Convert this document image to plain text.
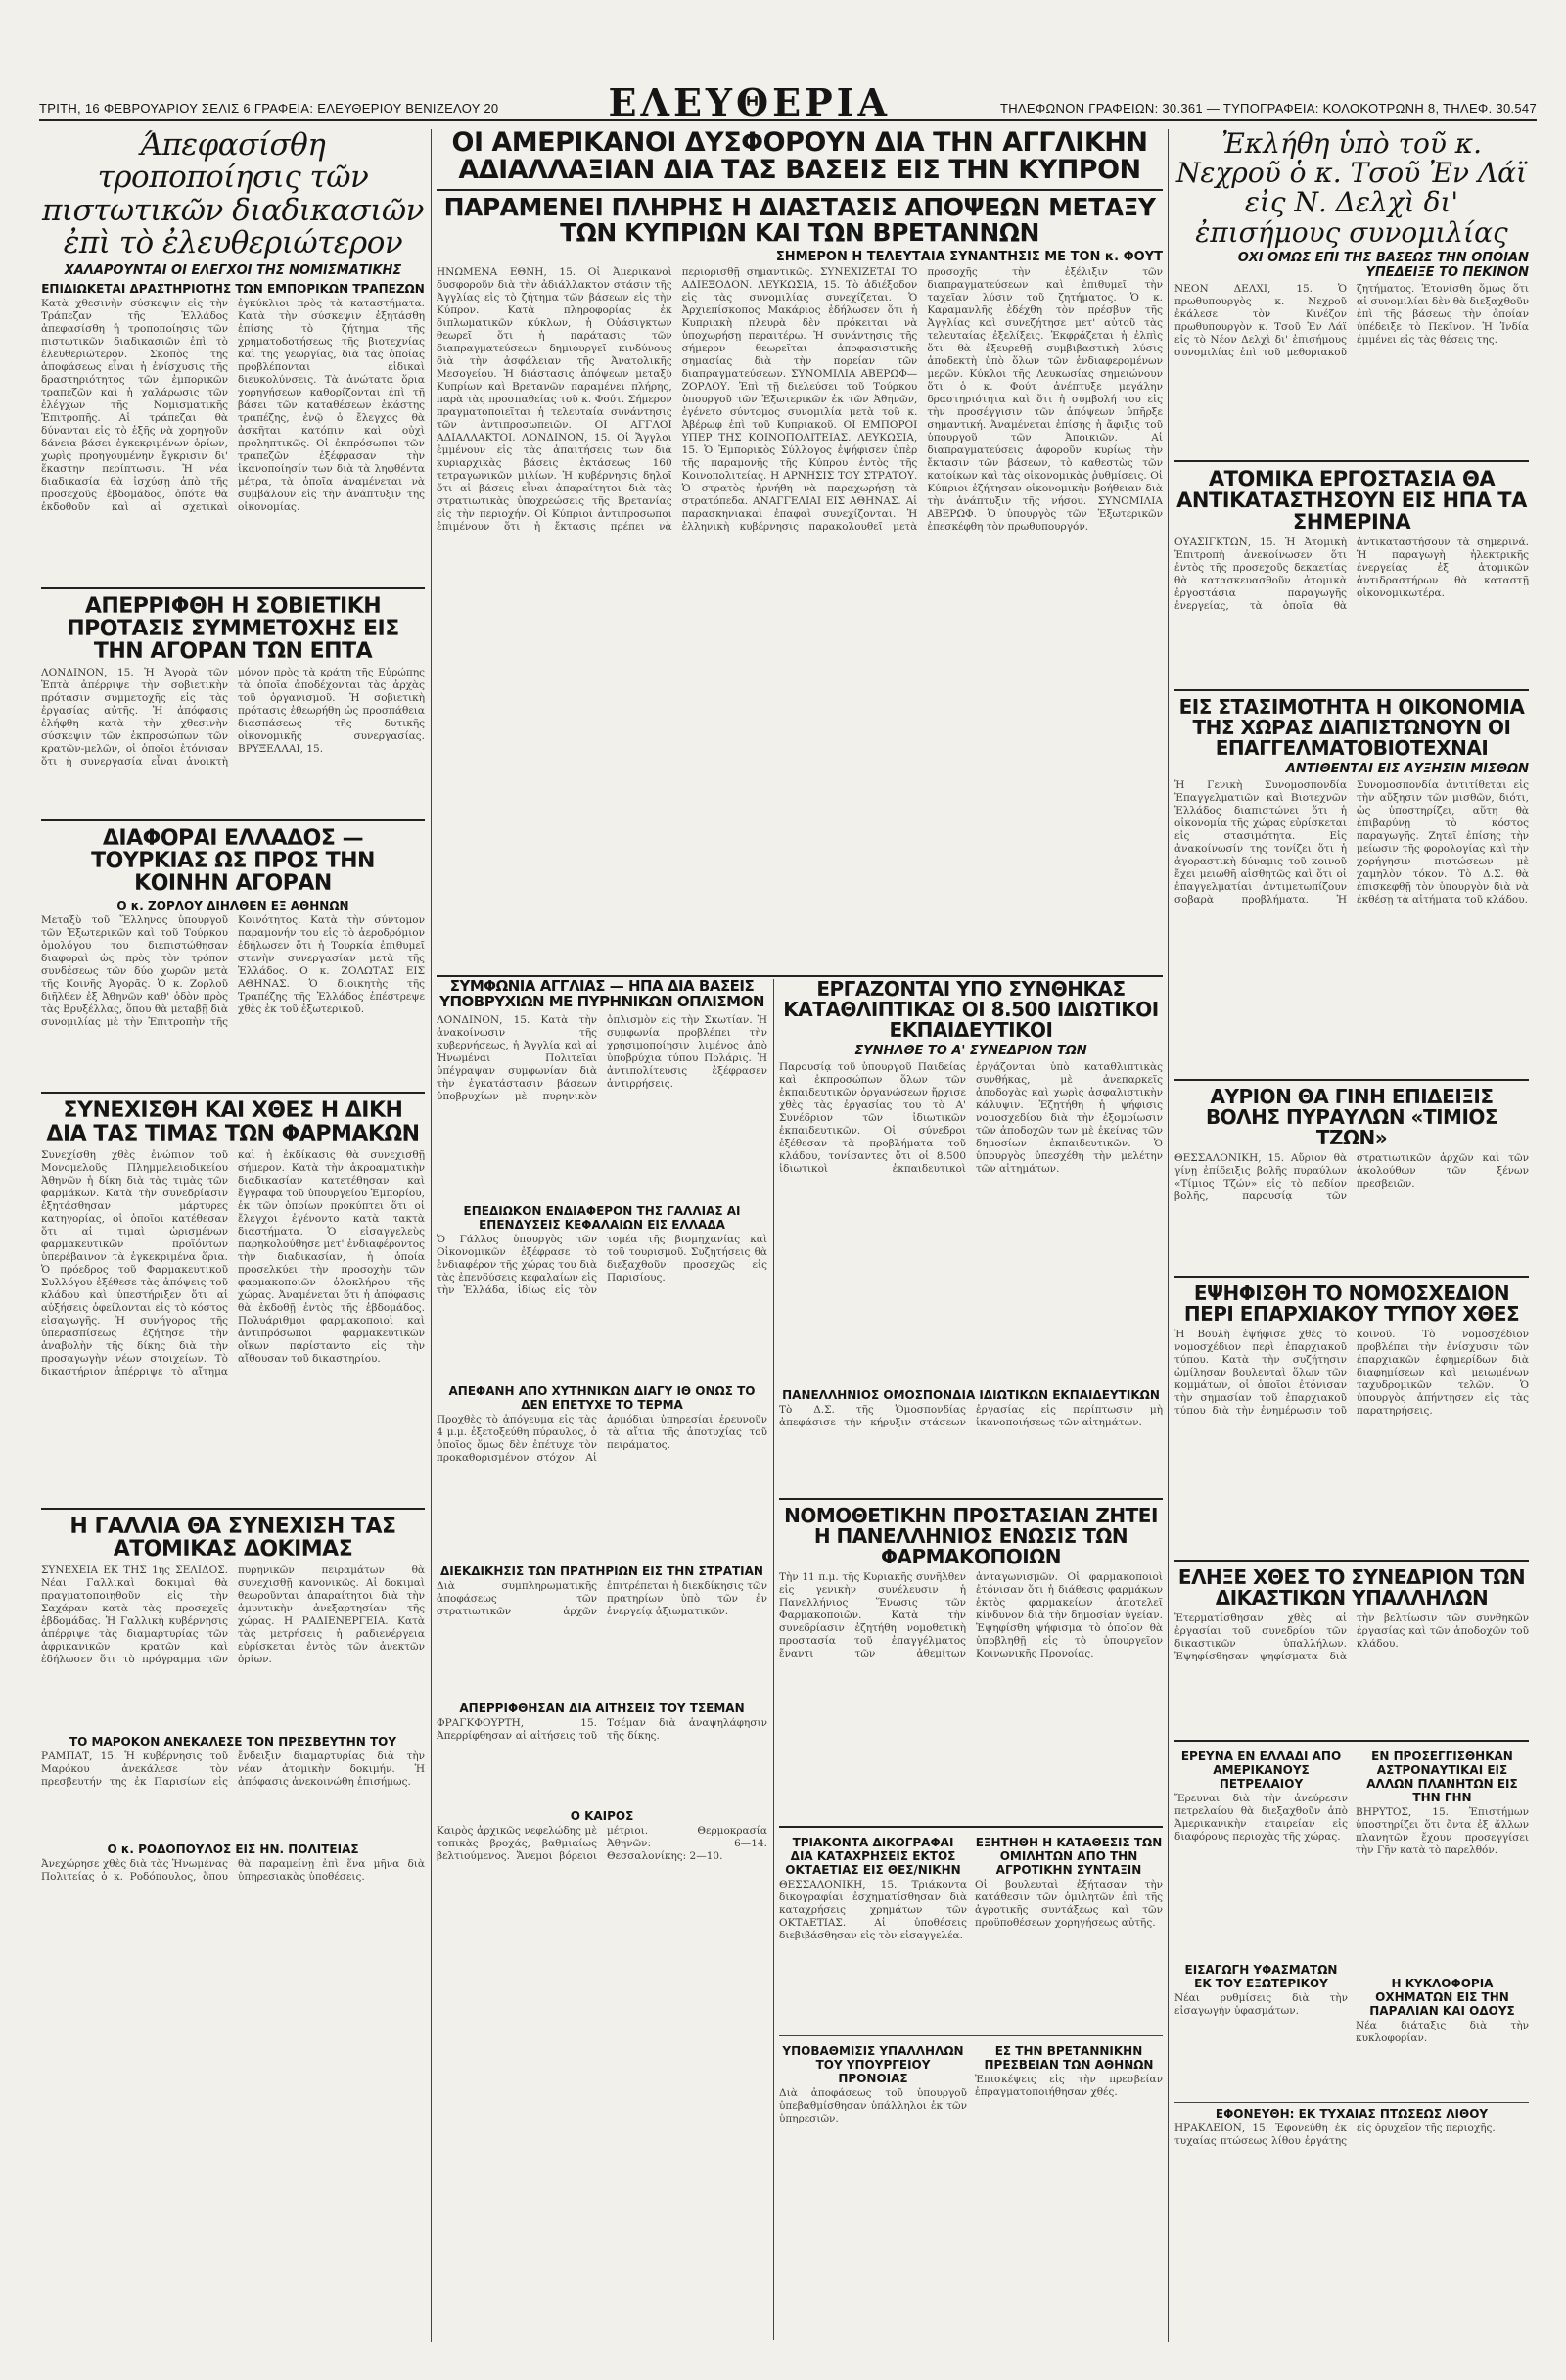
ΤΡΙΤΗ, 16 ΦΕΒΡΟΥΑΡΙΟΥ ΣΕΛΙΣ 6 ΓΡΑΦΕΙΑ: ΕΛΕΥΘΕΡΙΟΥ ΒΕΝΙΖΕΛΟΥ 20	ΕΛΕΥΘΕΡΙΑ	ΤΗΛΕΦΩΝΟΝ ΓΡΑΦΕΙΩΝ: 30.361 — ΤΥΠΟΓΡΑΦΕΙΑ: ΚΟΛΟΚΟΤΡΩΝΗ 8, ΤΗΛΕΦ. 30.547
Άπεφασίσθη τροποποίησις τῶν πιστωτικῶν διαδικασιῶν ἐπὶ τὸ ἐλευθεριώτερον
ΧΑΛΑΡΟΥΝΤΑΙ ΟΙ ΕΛΕΓΧΟΙ ΤΗΣ ΝΟΜΙΣΜΑΤΙΚΗΣ
ΕΠΙΔΙΩΚΕΤΑΙ ΔΡΑΣΤΗΡΙΟΤΗΣ ΤΩΝ ΕΜΠΟΡΙΚΩΝ ΤΡΑΠΕΖΩΝ
Κατὰ χθεσινὴν σύσκεψιν εἰς τὴν Τράπεζαν τῆς Ἑλλάδος ἀπεφασίσθη ἡ τροποποίησις τῶν πιστωτικῶν διαδικασιῶν ἐπὶ τὸ ἐλευθεριώτερον. Σκοπὸς τῆς ἀποφάσεως εἶναι ἡ ἐνίσχυσις τῆς δραστηριότητος τῶν ἐμπορικῶν τραπεζῶν καὶ ἡ χαλάρωσις τῶν ἐλέγχων τῆς Νομισματικῆς Ἐπιτροπῆς. Αἱ τράπεζαι θὰ δύνανται εἰς τὸ ἑξῆς νὰ χορηγοῦν δάνεια βάσει ἐγκεκριμένων ὁρίων, χωρὶς προηγουμένην ἔγκρισιν δι' ἕκαστην περίπτωσιν. Ἡ νέα διαδικασία θὰ ἰσχύσῃ ἀπὸ τῆς προσεχοῦς ἐβδομάδος, ὁπότε θὰ ἐκδοθοῦν καὶ αἱ σχετικαὶ ἐγκύκλιοι πρὸς τὰ καταστήματα. Κατὰ τὴν σύσκεψιν ἐξητάσθη ἐπίσης τὸ ζήτημα τῆς χρηματοδοτήσεως τῆς βιοτεχνίας καὶ τῆς γεωργίας, διὰ τὰς ὁποίας προβλέπονται εἰδικαὶ διευκολύνσεις. Τὰ ἀνώτατα ὅρια χορηγήσεων καθορίζονται ἐπὶ τῇ βάσει τῶν καταθέσεων ἑκάστης τραπέζης, ἐνῷ ὁ ἔλεγχος θὰ ἀσκῆται κατόπιν καὶ οὐχὶ προληπτικῶς. Οἱ ἐκπρόσωποι τῶν τραπεζῶν ἐξέφρασαν τὴν ἱκανοποίησίν των διὰ τὰ ληφθέντα μέτρα, τὰ ὁποῖα ἀναμένεται νὰ συμβάλουν εἰς τὴν ἀνάπτυξιν τῆς οἰκονομίας.
ΑΠΕΡΡΙΦΘΗ Η ΣΟΒΙΕΤΙΚΗ ΠΡΟΤΑΣΙΣ ΣΥΜΜΕΤΟΧΗΣ ΕΙΣ ΤΗΝ ΑΓΟΡΑΝ ΤΩΝ ΕΠΤΑ
ΛΟΝΔΙΝΟΝ, 15. Ἡ Ἀγορὰ τῶν Ἑπτὰ ἀπέρριψε τὴν σοβιετικὴν πρότασιν συμμετοχῆς εἰς τὰς ἐργασίας αὐτῆς. Ἡ ἀπόφασις ἐλήφθη κατὰ τὴν χθεσινὴν σύσκεψιν τῶν ἐκπροσώπων τῶν κρατῶν-μελῶν, οἱ ὁποῖοι ἐτόνισαν ὅτι ἡ συνεργασία εἶναι ἀνοικτὴ μόνον πρὸς τὰ κράτη τῆς Εὐρώπης τὰ ὁποῖα ἀποδέχονται τὰς ἀρχὰς τοῦ ὀργανισμοῦ. Ἡ σοβιετικὴ πρότασις ἐθεωρήθη ὡς προσπάθεια διασπάσεως τῆς δυτικῆς οἰκονομικῆς συνεργασίας. ΒΡΥΞΕΛΛΑΙ, 15.
ΔΙΑΦΟΡΑΙ ΕΛΛΑΔΟΣ — ΤΟΥΡΚΙΑΣ ΩΣ ΠΡΟΣ ΤΗΝ ΚΟΙΝΗΝ ΑΓΟΡΑΝ
Ο κ. ΖΟΡΛΟΥ ΔΙΗΛΘΕΝ ΕΞ ΑΘΗΝΩΝ
Μεταξὺ τοῦ Ἕλληνος ὑπουργοῦ τῶν Ἐξωτερικῶν καὶ τοῦ Τούρκου ὁμολόγου του διεπιστώθησαν διαφοραὶ ὡς πρὸς τὸν τρόπον συνδέσεως τῶν δύο χωρῶν μετὰ τῆς Κοινῆς Ἀγορᾶς. Ὁ κ. Ζορλοῦ διῆλθεν ἐξ Ἀθηνῶν καθ' ὁδὸν πρὸς τὰς Βρυξέλλας, ὅπου θὰ μεταβῇ διὰ συνομιλίας μὲ τὴν Ἐπιτροπὴν τῆς Κοινότητος. Κατὰ τὴν σύντομον παραμονήν του εἰς τὸ ἀεροδρόμιον ἐδήλωσεν ὅτι ἡ Τουρκία ἐπιθυμεῖ στενὴν συνεργασίαν μετὰ τῆς Ἑλλάδος. Ο κ. ΖΟΛΩΤΑΣ ΕΙΣ ΑΘΗΝΑΣ. Ὁ διοικητὴς τῆς Τραπέζης τῆς Ἑλλάδος ἐπέστρεψε χθὲς ἐκ τοῦ ἐξωτερικοῦ.
ΣΥΝΕΧΙΣΘΗ ΚΑΙ ΧΘΕΣ Η ΔΙΚΗ ΔΙΑ ΤΑΣ ΤΙΜΑΣ ΤΩΝ ΦΑΡΜΑΚΩΝ
Συνεχίσθη χθὲς ἐνώπιον τοῦ Μονομελοῦς Πλημμελειοδικείου Ἀθηνῶν ἡ δίκη διὰ τὰς τιμὰς τῶν φαρμάκων. Κατὰ τὴν συνεδρίασιν ἐξητάσθησαν μάρτυρες κατηγορίας, οἱ ὁποῖοι κατέθεσαν ὅτι αἱ τιμαὶ ὡρισμένων φαρμακευτικῶν προϊόντων ὑπερέβαινον τὰ ἐγκεκριμένα ὅρια. Ὁ πρόεδρος τοῦ Φαρμακευτικοῦ Συλλόγου ἐξέθεσε τὰς ἀπόψεις τοῦ κλάδου καὶ ὑπεστήριξεν ὅτι αἱ αὐξήσεις ὀφείλονται εἰς τὸ κόστος εἰσαγωγῆς. Ἡ συνήγορος τῆς ὑπερασπίσεως ἐζήτησε τὴν ἀναβολὴν τῆς δίκης διὰ τὴν προσαγωγὴν νέων στοιχείων. Τὸ δικαστήριον ἀπέρριψε τὸ αἴτημα καὶ ἡ ἐκδίκασις θὰ συνεχισθῇ σήμερον. Κατὰ τὴν ἀκροαματικὴν διαδικασίαν κατετέθησαν καὶ ἔγγραφα τοῦ ὑπουργείου Ἐμπορίου, ἐκ τῶν ὁποίων προκύπτει ὅτι οἱ ἔλεγχοι ἐγένοντο κατὰ τακτὰ διαστήματα. Ὁ εἰσαγγελεὺς παρηκολούθησε μετ' ἐνδιαφέροντος τὴν διαδικασίαν, ἡ ὁποία προσελκύει τὴν προσοχὴν τῶν φαρμακοποιῶν ὁλοκλήρου τῆς χώρας. Ἀναμένεται ὅτι ἡ ἀπόφασις θὰ ἐκδοθῇ ἐντὸς τῆς ἑβδομάδος. Πολυάριθμοι φαρμακοποιοὶ καὶ ἀντιπρόσωποι φαρμακευτικῶν οἴκων παρίσταντο εἰς τὴν αἴθουσαν τοῦ δικαστηρίου.
Η ΓΑΛΛΙΑ ΘΑ ΣΥΝΕΧΙΣΗ ΤΑΣ ΑΤΟΜΙΚΑΣ ΔΟΚΙΜΑΣ
ΣΥΝΕΧΕΙΑ ΕΚ ΤΗΣ 1ης ΣΕΛΙΔΟΣ. Νέαι Γαλλικαὶ δοκιμαὶ θὰ πραγματοποιηθοῦν εἰς τὴν Σαχάραν κατὰ τὰς προσεχεῖς ἑβδομάδας. Ἡ Γαλλικὴ κυβέρνησις ἀπέρριψε τὰς διαμαρτυρίας τῶν ἀφρικανικῶν κρατῶν καὶ ἐδήλωσεν ὅτι τὸ πρόγραμμα τῶν πυρηνικῶν πειραμάτων θὰ συνεχισθῇ κανονικῶς. Αἱ δοκιμαὶ θεωροῦνται ἀπαραίτητοι διὰ τὴν ἀμυντικὴν ἀνεξαρτησίαν τῆς χώρας. Η ΡΑΔΙΕΝΕΡΓΕΙΑ. Κατὰ τὰς μετρήσεις ἡ ραδιενέργεια εὑρίσκεται ἐντὸς τῶν ἀνεκτῶν ὁρίων.
ΤΟ ΜΑΡΟΚΟΝ ΑΝΕΚΑΛΕΣΕ ΤΟΝ ΠΡΕΣΒΕΥΤΗΝ ΤΟΥ
ΡΑΜΠΑΤ, 15. Ἡ κυβέρνησις τοῦ Μαρόκου ἀνεκάλεσε τὸν πρεσβευτήν της ἐκ Παρισίων εἰς ἔνδειξιν διαμαρτυρίας διὰ τὴν νέαν ἀτομικὴν δοκιμήν. Ἡ ἀπόφασις ἀνεκοινώθη ἐπισήμως.
Ο κ. ΡΟΔΟΠΟΥΛΟΣ ΕΙΣ ΗΝ. ΠΟΛΙΤΕΙΑΣ
Ἀνεχώρησε χθὲς διὰ τὰς Ἡνωμένας Πολιτείας ὁ κ. Ροδόπουλος, ὅπου θὰ παραμείνῃ ἐπὶ ἕνα μῆνα διὰ ὑπηρεσιακὰς ὑποθέσεις.
ΟΙ ΑΜΕΡΙΚΑΝΟΙ ΔΥΣΦΟΡΟΥΝ ΔΙΑ ΤΗΝ ΑΓΓΛΙΚΗΝ ΑΔΙΑΛΛΑΞΙΑΝ ΔΙΑ ΤΑΣ ΒΑΣΕΙΣ ΕΙΣ ΤΗΝ ΚΥΠΡΟΝ
ΠΑΡΑΜΕΝΕΙ ΠΛΗΡΗΣ Η ΔΙΑΣΤΑΣΙΣ ΑΠΟΨΕΩΝ ΜΕΤΑΞΥ ΤΩΝ ΚΥΠΡΙΩΝ ΚΑΙ ΤΩΝ ΒΡΕΤΑΝΝΩΝ
ΣΗΜΕΡΟΝ Η ΤΕΛΕΥΤΑΙΑ ΣΥΝΑΝΤΗΣΙΣ ΜΕ ΤΟΝ κ. ΦΟΥΤ
ΗΝΩΜΕΝΑ ΕΘΝΗ, 15. Οἱ Ἀμερικανοὶ δυσφοροῦν διὰ τὴν ἀδιάλλακτον στάσιν τῆς Ἀγγλίας εἰς τὸ ζήτημα τῶν βάσεων εἰς τὴν Κύπρον. Κατὰ πληροφορίας ἐκ διπλωματικῶν κύκλων, ἡ Οὐάσιγκτων θεωρεῖ ὅτι ἡ παράτασις τῶν διαπραγματεύσεων δημιουργεῖ κινδύνους διὰ τὴν ἀσφάλειαν τῆς Ἀνατολικῆς Μεσογείου. Ἡ διάστασις ἀπόψεων μεταξὺ Κυπρίων καὶ Βρετανῶν παραμένει πλήρης, παρὰ τὰς προσπαθείας τοῦ κ. Φούτ. Σήμερον πραγματοποιεῖται ἡ τελευταία συνάντησις τῶν ἀντιπροσωπειῶν. ΟΙ ΑΓΓΛΟΙ ΑΔΙΑΛΛΑΚΤΟΙ. ΛΟΝΔΙΝΟΝ, 15. Οἱ Ἄγγλοι ἐμμένουν εἰς τὰς ἀπαιτήσεις των διὰ κυριαρχικὰς βάσεις ἐκτάσεως 160 τετραγωνικῶν μιλίων. Ἡ κυβέρνησις δηλοῖ ὅτι αἱ βάσεις εἶναι ἀπαραίτητοι διὰ τὰς στρατιωτικὰς ὑποχρεώσεις τῆς Βρετανίας εἰς τὴν περιοχήν. Οἱ Κύπριοι ἀντιπροσωποι ἐπιμένουν ὅτι ἡ ἔκτασις πρέπει νὰ περιορισθῇ σημαντικῶς. ΣΥΝΕΧΙΖΕΤΑΙ ΤΟ ΑΔΙΕΞΟΔΟΝ. ΛΕΥΚΩΣΙΑ, 15. Τὸ ἀδιέξοδον εἰς τὰς συνομιλίας συνεχίζεται. Ὁ Ἀρχιεπίσκοπος Μακάριος ἐδήλωσεν ὅτι ἡ Κυπριακὴ πλευρὰ δὲν πρόκειται νὰ ὑποχωρήσῃ περαιτέρω. Ἡ συνάντησις τῆς σήμερον θεωρεῖται ἀποφασιστικῆς σημασίας διὰ τὴν πορείαν τῶν διαπραγματεύσεων. ΣΥΝΟΜΙΛΙΑ ΑΒΕΡΩΦ—ΖΟΡΛΟΥ. Ἐπὶ τῇ διελεύσει τοῦ Τούρκου ὑπουργοῦ τῶν Ἐξωτερικῶν ἐκ τῶν Ἀθηνῶν, ἐγένετο σύντομος συνομιλία μετὰ τοῦ κ. Ἀβέρωφ ἐπὶ τοῦ Κυπριακοῦ. ΟΙ ΕΜΠΟΡΟΙ ΥΠΕΡ ΤΗΣ ΚΟΙΝΟΠΟΛΙΤΕΙΑΣ. ΛΕΥΚΩΣΙΑ, 15. Ὁ Ἐμπορικὸς Σύλλογος ἐψήφισεν ὑπὲρ τῆς παραμονῆς τῆς Κύπρου ἐντὸς τῆς Κοινοπολιτείας. Η ΑΡΝΗΣΙΣ ΤΟΥ ΣΤΡΑΤΟΥ. Ὁ στρατὸς ἠρνήθη νὰ παραχωρήσῃ τὰ στρατόπεδα. ΑΝΑΓΓΕΛΙΑΙ ΕΙΣ ΑΘΗΝΑΣ. Αἱ παρασκηνιακαὶ ἐπαφαὶ συνεχίζονται. Ἡ ἑλληνικὴ κυβέρνησις παρακολουθεῖ μετὰ προσοχῆς τὴν ἐξέλιξιν τῶν διαπραγματεύσεων καὶ ἐπιθυμεῖ τὴν ταχεῖαν λύσιν τοῦ ζητήματος. Ὁ κ. Καραμανλῆς ἐδέχθη τὸν πρέσβυν τῆς Ἀγγλίας καὶ συνεζήτησε μετ' αὐτοῦ τὰς τελευταίας ἐξελίξεις. Ἐκφράζεται ἡ ἐλπὶς ὅτι θὰ ἐξευρεθῇ συμβιβαστικὴ λύσις ἀποδεκτὴ ὑπὸ ὅλων τῶν ἐνδιαφερομένων μερῶν. Κύκλοι τῆς Λευκωσίας σημειώνουν ὅτι ὁ κ. Φούτ ἀνέπτυξε μεγάλην δραστηριότητα καὶ ὅτι ἡ συμβολή του εἰς τὴν προσέγγισιν τῶν ἀπόψεων ὑπῆρξε σημαντική. Ἀναμένεται ἐπίσης ἡ ἄφιξις τοῦ ὑπουργοῦ τῶν Ἀποικιῶν. Αἱ διαπραγματεύσεις ἀφοροῦν κυρίως τὴν ἔκτασιν τῶν βάσεων, τὸ καθεστὼς τῶν κατοίκων καὶ τὰς οἰκονομικὰς ῥυθμίσεις. Οἱ Κύπριοι ἐζήτησαν οἰκονομικὴν βοήθειαν διὰ τὴν ἀνάπτυξιν τῆς νήσου. ΣΥΝΟΜΙΛΙΑ ΑΒΕΡΩΦ. Ὁ ὑπουργὸς τῶν Ἐξωτερικῶν ἐπεσκέφθη τὸν πρωθυπουργόν.
ΣΥΜΦΩΝΙΑ ΑΓΓΛΙΑΣ — ΗΠΑ ΔΙΑ ΒΑΣΕΙΣ ΥΠΟΒΡΥΧΙΩΝ ΜΕ ΠΥΡΗΝΙΚΩΝ ΟΠΛΙΣΜΟΝ
ΛΟΝΔΙΝΟΝ, 15. Κατὰ τὴν ἀνακοίνωσιν τῆς κυβερνήσεως, ἡ Ἀγγλία καὶ αἱ Ἡνωμέναι Πολιτεῖαι ὑπέγραψαν συμφωνίαν διὰ τὴν ἐγκατάστασιν βάσεων ὑποβρυχίων μὲ πυρηνικὸν ὁπλισμὸν εἰς τὴν Σκωτίαν. Ἡ συμφωνία προβλέπει τὴν χρησιμοποίησιν λιμένος ἀπὸ ὑποβρύχια τύπου Πολάρις. Ἡ ἀντιπολίτευσις ἐξέφρασεν ἀντιρρήσεις.
ΕΠΕΔΙΩΚΟΝ ΕΝΔΙΑΦΕΡΟΝ ΤΗΣ ΓΑΛΛΙΑΣ ΑΙ ΕΠΕΝΔΥΣΕΙΣ ΚΕΦΑΛΑΙΩΝ ΕΙΣ ΕΛΛΑΔΑ
Ὁ Γάλλος ὑπουργὸς τῶν Οἰκονομικῶν ἐξέφρασε τὸ ἐνδιαφέρον τῆς χώρας του διὰ τὰς ἐπενδύσεις κεφαλαίων εἰς τὴν Ἑλλάδα, ἰδίως εἰς τὸν τομέα τῆς βιομηχανίας καὶ τοῦ τουρισμοῦ. Συζητήσεις θὰ διεξαχθοῦν προσεχῶς εἰς Παρισίους.
ΑΠΕΦΑΝΗ ΑΠΟ ΧΥΤΗΝΙΚΩΝ ΔΙΑΓΥ ΙΘ ΟΝΩΣ ΤΟ ΔΕΝ ΕΠΕΤΥΧΕ ΤΟ ΤΕΡΜΑ
Προχθὲς τὸ ἀπόγευμα εἰς τὰς 4 μ.μ. ἐξετοξεύθη πύραυλος, ὁ ὁποῖος ὅμως δὲν ἐπέτυχε τὸν προκαθορισμένον στόχον. Αἱ ἀρμόδιαι ὑπηρεσίαι ἐρευνοῦν τὰ αἴτια τῆς ἀποτυχίας τοῦ πειράματος.
ΔΙΕΚΔΙΚΗΣΙΣ ΤΩΝ ΠΡΑΤΗΡΙΩΝ ΕΙΣ ΤΗΝ ΣΤΡΑΤΙΑΝ
Διὰ συμπληρωματικῆς ἀποφάσεως τῶν στρατιωτικῶν ἀρχῶν ἐπιτρέπεται ἡ διεκδίκησις τῶν πρατηρίων ὑπὸ τῶν ἐν ἐνεργείᾳ ἀξιωματικῶν.
ΑΠΕΡΡΙΦΘΗΣΑΝ ΔΙΑ ΑΙΤΗΣΕΙΣ ΤΟΥ ΤΣΕΜΑΝ
ΦΡΑΓΚΦΟΥΡΤΗ, 15. Ἀπερρίφθησαν αἱ αἰτήσεις τοῦ Τσέμαν διὰ ἀναψηλάφησιν τῆς δίκης.
Ο ΚΑΙΡΟΣ
Καιρὸς ἀρχικῶς νεφελώδης μὲ τοπικὰς βροχάς, βαθμιαίως βελτιούμενος. Ἄνεμοι βόρειοι μέτριοι. Θερμοκρασία Ἀθηνῶν: 6—14. Θεσσαλονίκης: 2—10.
ΕΡΓΑΖΟΝΤΑΙ ΥΠΟ ΣΥΝΘΗΚΑΣ ΚΑΤΑΘΛΙΠΤΙΚΑΣ ΟΙ 8.500 ΙΔΙΩΤΙΚΟΙ ΕΚΠΑΙΔΕΥΤΙΚΟΙ
ΣΥΝΗΛΘΕ ΤΟ Α' ΣΥΝΕΔΡΙΟΝ ΤΩΝ
Παρουσίᾳ τοῦ ὑπουργοῦ Παιδείας καὶ ἐκπροσώπων ὅλων τῶν ἐκπαιδευτικῶν ὀργανώσεων ἤρχισε χθὲς τὰς ἐργασίας του τὸ Α' Συνέδριον τῶν ἰδιωτικῶν ἐκπαιδευτικῶν. Οἱ σύνεδροι ἐξέθεσαν τὰ προβλήματα τοῦ κλάδου, τονίσαντες ὅτι οἱ 8.500 ἰδιωτικοὶ ἐκπαιδευτικοὶ ἐργάζονται ὑπὸ καταθλιπτικὰς συνθήκας, μὲ ἀνεπαρκεῖς ἀποδοχὰς καὶ χωρὶς ἀσφαλιστικὴν κάλυψιν. Ἐζητήθη ἡ ψήφισις νομοσχεδίου διὰ τὴν ἐξομοίωσιν τῶν ἀποδοχῶν των μὲ ἐκείνας τῶν δημοσίων ἐκπαιδευτικῶν. Ὁ ὑπουργὸς ὑπεσχέθη τὴν μελέτην τῶν αἰτημάτων.
ΠΑΝΕΛΛΗΝΙΟΣ ΟΜΟΣΠΟΝΔΙΑ ΙΔΙΩΤΙΚΩΝ ΕΚΠΑΙΔΕΥΤΙΚΩΝ
Τὸ Δ.Σ. τῆς Ὁμοσπονδίας ἀπεφάσισε τὴν κήρυξιν στάσεων ἐργασίας εἰς περίπτωσιν μὴ ἱκανοποιήσεως τῶν αἰτημάτων.
ΝΟΜΟΘΕΤΙΚΗΝ ΠΡΟΣΤΑΣΙΑΝ ΖΗΤΕΙ Η ΠΑΝΕΛΛΗΝΙΟΣ ΕΝΩΣΙΣ ΤΩΝ ΦΑΡΜΑΚΟΠΟΙΩΝ
Τὴν 11 π.μ. τῆς Κυριακῆς συνῆλθεν εἰς γενικὴν συνέλευσιν ἡ Πανελλήνιος Ἕνωσις τῶν Φαρμακοποιῶν. Κατὰ τὴν συνεδρίασιν ἐζητήθη νομοθετικὴ προστασία τοῦ ἐπαγγέλματος ἔναντι τῶν ἀθεμίτων ἀνταγωνισμῶν. Οἱ φαρμακοποιοὶ ἐτόνισαν ὅτι ἡ διάθεσις φαρμάκων ἐκτὸς φαρμακείων ἀποτελεῖ κίνδυνον διὰ τὴν δημοσίαν ὑγείαν. Ἐψηφίσθη ψήφισμα τὸ ὁποῖον θὰ ὑποβληθῇ εἰς τὸ ὑπουργεῖον Κοινωνικῆς Προνοίας.
ΤΡΙΑΚΟΝΤΑ ΔΙΚΟΓΡΑΦΑΙ ΔΙΑ ΚΑΤΑΧΡΗΣΕΙΣ ΕΚΤΟΣ ΟΚΤΑΕΤΙΑΣ ΕΙΣ ΘΕΣ/ΝΙΚΗΝ
ΘΕΣΣΑΛΟΝΙΚΗ, 15. Τριάκοντα δικογραφίαι ἐσχηματίσθησαν διὰ καταχρήσεις χρημάτων τῶν ΟΚΤΑΕΤΙΑΣ. Αἱ ὑποθέσεις διεβιβάσθησαν εἰς τὸν εἰσαγγελέα.
ΕΞΗΤΗΘΗ Η ΚΑΤΑΘΕΣΙΣ ΤΩΝ ΟΜΙΛΗΤΩΝ ΑΠΟ ΤΗΝ ΑΓΡΟΤΙΚΗΝ ΣΥΝΤΑΞΙΝ
Οἱ βουλευταὶ ἐξήτασαν τὴν κατάθεσιν τῶν ὁμιλητῶν ἐπὶ τῆς ἀγροτικῆς συντάξεως καὶ τῶν προϋποθέσεων χορηγήσεως αὐτῆς.
ΥΠΟΒΑΘΜΙΣΙΣ ΥΠΑΛΛΗΛΩΝ ΤΟΥ ΥΠΟΥΡΓΕΙΟΥ ΠΡΟΝΟΙΑΣ
Διὰ ἀποφάσεως τοῦ ὑπουργοῦ ὑπεβαθμίσθησαν ὑπάλληλοι ἐκ τῶν ὑπηρεσιῶν.
ΕΣ ΤΗΝ ΒΡΕΤΑΝΝΙΚΗΝ ΠΡΕΣΒΕΙΑΝ ΤΩΝ ΑΘΗΝΩΝ
Ἐπισκέψεις εἰς τὴν πρεσβείαν ἐπραγματοποιήθησαν χθές.
Ἐκλήθη ὑπὸ τοῦ κ. Νεχροῦ ὁ κ. Τσοῦ Ἐν Λάϊ εἰς Ν. Δελχὶ δι' ἐπισήμους συνομιλίας
ΟΧΙ ΟΜΩΣ ΕΠΙ ΤΗΣ ΒΑΣΕΩΣ ΤΗΝ ΟΠΟΙΑΝ ΥΠΕΔΕΙΞΕ ΤΟ ΠΕΚΙΝΟΝ
ΝΕΟΝ ΔΕΛΧΙ, 15. Ὁ πρωθυπουργὸς κ. Νεχροῦ ἐκάλεσε τὸν Κινέζον πρωθυπουργὸν κ. Τσοῦ Ἐν Λάϊ εἰς τὸ Νέον Δελχὶ δι' ἐπισήμους συνομιλίας ἐπὶ τοῦ μεθοριακοῦ ζητήματος. Ἐτονίσθη ὅμως ὅτι αἱ συνομιλίαι δὲν θὰ διεξαχθοῦν ἐπὶ τῆς βάσεως τὴν ὁποίαν ὑπέδειξε τὸ Πεκῖνον. Ἡ Ἰνδία ἐμμένει εἰς τὰς θέσεις της.
ΑΤΟΜΙΚΑ ΕΡΓΟΣΤΑΣΙΑ ΘΑ ΑΝΤΙΚΑΤΑΣΤΗΣΟΥΝ ΕΙΣ ΗΠΑ ΤΑ ΣΗΜΕΡΙΝΑ
ΟΥΑΣΙΓΚΤΩΝ, 15. Ἡ Ἀτομικὴ Ἐπιτροπὴ ἀνεκοίνωσεν ὅτι ἐντὸς τῆς προσεχοῦς δεκαετίας θὰ κατασκευασθοῦν ἀτομικὰ ἐργοστάσια παραγωγῆς ἐνεργείας, τὰ ὁποῖα θὰ ἀντικαταστήσουν τὰ σημερινά. Ἡ παραγωγὴ ἠλεκτρικῆς ἐνεργείας ἐξ ἀτομικῶν ἀντιδραστήρων θὰ καταστῇ οἰκονομικωτέρα.
ΕΙΣ ΣΤΑΣΙΜΟΤΗΤΑ Η ΟΙΚΟΝΟΜΙΑ ΤΗΣ ΧΩΡΑΣ ΔΙΑΠΙΣΤΩΝΟΥΝ ΟΙ ΕΠΑΓΓΕΛΜΑΤΟΒΙΟΤΕΧΝΑΙ
ΑΝΤΙΘΕΝΤΑΙ ΕΙΣ ΑΥΞΗΣΙΝ ΜΙΣΘΩΝ
Ἡ Γενικὴ Συνομοσπονδία Ἐπαγγελματιῶν καὶ Βιοτεχνῶν Ἑλλάδος διαπιστώνει ὅτι ἡ οἰκονομία τῆς χώρας εὑρίσκεται εἰς στασιμότητα. Εἰς ἀνακοίνωσίν της τονίζει ὅτι ἡ ἀγοραστικὴ δύναμις τοῦ κοινοῦ ἔχει μειωθῆ αἰσθητῶς καὶ ὅτι οἱ ἐπαγγελματίαι ἀντιμετωπίζουν σοβαρὰ προβλήματα. Ἡ Συνομοσπονδία ἀντιτίθεται εἰς τὴν αὔξησιν τῶν μισθῶν, διότι, ὡς ὑποστηρίζει, αὕτη θὰ ἐπιβαρύνῃ τὸ κόστος παραγωγῆς. Ζητεῖ ἐπίσης τὴν μείωσιν τῆς φορολογίας καὶ τὴν χορήγησιν πιστώσεων μὲ χαμηλὸν τόκον. Τὸ Δ.Σ. θὰ ἐπισκεφθῇ τὸν ὑπουργὸν διὰ νὰ ἐκθέσῃ τὰ αἰτήματα τοῦ κλάδου.
ΑΥΡΙΟΝ ΘΑ ΓΙΝΗ ΕΠΙΔΕΙΞΙΣ ΒΟΛΗΣ ΠΥΡΑΥΛΩΝ «ΤΙΜΙΟΣ ΤΖΩΝ»
ΘΕΣΣΑΛΟΝΙΚΗ, 15. Αὔριον θὰ γίνῃ ἐπίδειξις βολῆς πυραύλων «Τίμιος Τζών» εἰς τὸ πεδίον βολῆς, παρουσίᾳ τῶν στρατιωτικῶν ἀρχῶν καὶ τῶν ἀκολούθων τῶν ξένων πρεσβειῶν.
ΕΨΗΦΙΣΘΗ ΤΟ ΝΟΜΟΣΧΕΔΙΟΝ ΠΕΡΙ ΕΠΑΡΧΙΑΚΟΥ ΤΥΠΟΥ ΧΘΕΣ
Ἡ Βουλὴ ἐψήφισε χθὲς τὸ νομοσχέδιον περὶ ἐπαρχιακοῦ τύπου. Κατὰ τὴν συζήτησιν ὡμίλησαν βουλευταὶ ὅλων τῶν κομμάτων, οἱ ὁποῖοι ἐτόνισαν τὴν σημασίαν τοῦ ἐπαρχιακοῦ τύπου διὰ τὴν ἐνημέρωσιν τοῦ κοινοῦ. Τὸ νομοσχέδιον προβλέπει τὴν ἐνίσχυσιν τῶν ἐπαρχιακῶν ἐφημερίδων διὰ διαφημίσεων καὶ μειωμένων ταχυδρομικῶν τελῶν. Ὁ ὑπουργὸς ἀπήντησεν εἰς τὰς παρατηρήσεις.
ΕΛΗΞΕ ΧΘΕΣ ΤΟ ΣΥΝΕΔΡΙΟΝ ΤΩΝ ΔΙΚΑΣΤΙΚΩΝ ΥΠΑΛΛΗΛΩΝ
Ἐτερματίσθησαν χθὲς αἱ ἐργασίαι τοῦ συνεδρίου τῶν δικαστικῶν ὑπαλλήλων. Ἐψηφίσθησαν ψηφίσματα διὰ τὴν βελτίωσιν τῶν συνθηκῶν ἐργασίας καὶ τῶν ἀποδοχῶν τοῦ κλάδου.
ΕΡΕΥΝΑ ΕΝ ΕΛΛΑΔΙ ΑΠΟ ΑΜΕΡΙΚΑΝΟΥΣ ΠΕΤΡΕΛΑΙΟΥ
Ἔρευναι διὰ τὴν ἀνεύρεσιν πετρελαίου θὰ διεξαχθοῦν ἀπὸ Ἀμερικανικὴν ἑταιρείαν εἰς διαφόρους περιοχὰς τῆς χώρας.
ΕΙΣΑΓΩΓΗ ΥΦΑΣΜΑΤΩΝ ΕΚ ΤΟΥ ΕΞΩΤΕΡΙΚΟΥ
Νέαι ρυθμίσεις διὰ τὴν εἰσαγωγὴν ὑφασμάτων.
ΕΝ ΠΡΟΣΕΓΓΙΣΘΗΚΑΝ ΑΣΤΡΟΝΑΥΤΙΚΑΙ ΕΙΣ ΑΛΛΩΝ ΠΛΑΝΗΤΩΝ ΕΙΣ ΤΗΝ ΓΗΝ
ΒΗΡΥΤΟΣ, 15. Ἐπιστήμων ὑποστηρίζει ὅτι ὄντα ἐξ ἄλλων πλανητῶν ἔχουν προσεγγίσει τὴν Γῆν κατὰ τὸ παρελθόν.
Η ΚΥΚΛΟΦΟΡΙΑ ΟΧΗΜΑΤΩΝ ΕΙΣ ΤΗΝ ΠΑΡΑΛΙΑΝ ΚΑΙ ΟΔΟΥΣ
Νέα διάταξις διὰ τὴν κυκλοφορίαν.
ΕΦΟΝΕΥΘΗ: ΕΚ ΤΥΧΑΙΑΣ ΠΤΩΣΕΩΣ ΛΙΘΟΥ
ΗΡΑΚΛΕΙΟΝ, 15. Ἐφονεύθη ἐκ τυχαίας πτώσεως λίθου ἐργάτης εἰς ὀρυχεῖον τῆς περιοχῆς.
